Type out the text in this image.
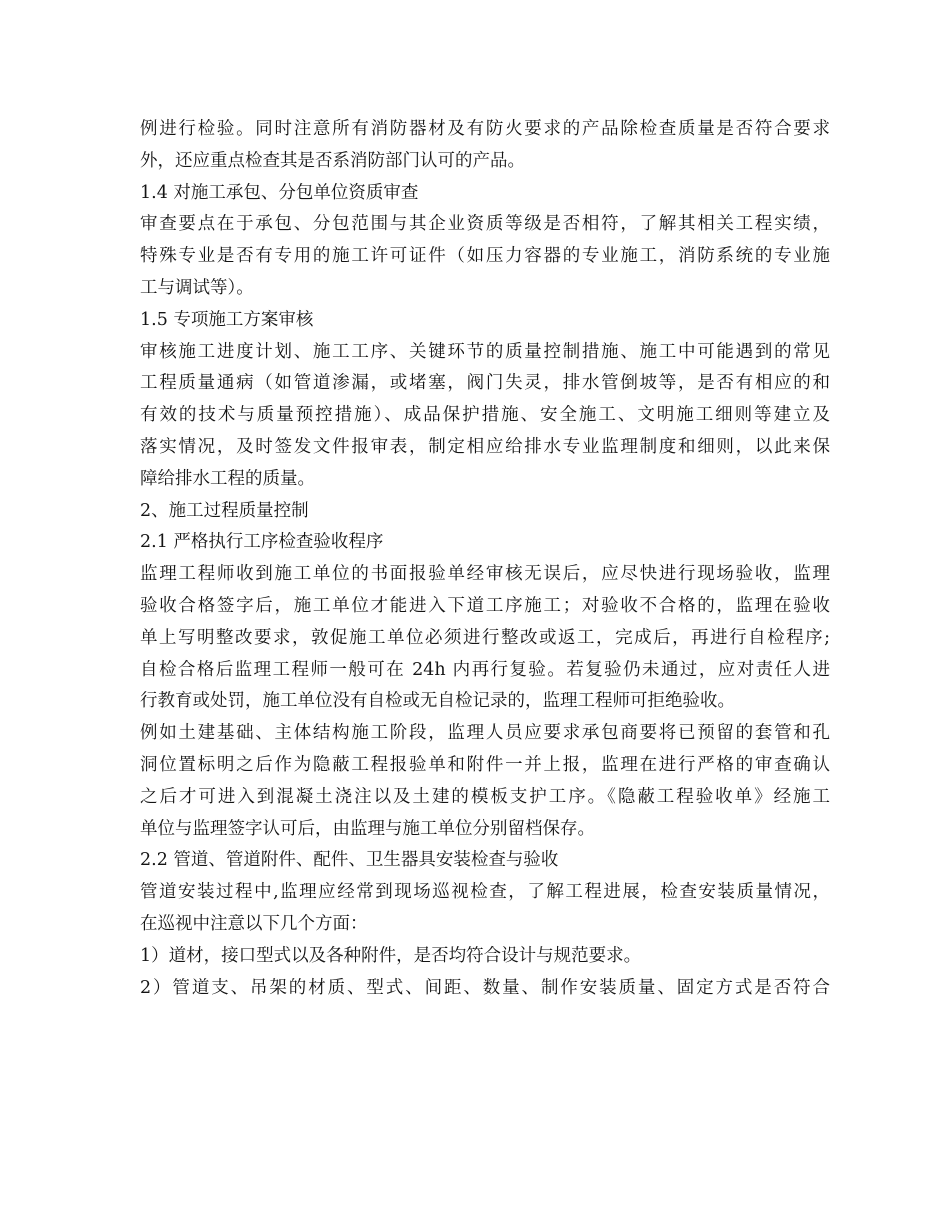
例进行检验。同时注意所有消防器材及有防火要求的产品除检查质量是否符合要求
外，还应重点检查其是否系消防部门认可的产品。
1.4 对施工承包、分包单位资质审查
审查要点在于承包、分包范围与其企业资质等级是否相符，了解其相关工程实绩，
特殊专业是否有专用的施工许可证件（如压力容器的专业施工，消防系统的专业施
工与调试等）。
1.5 专项施工方案审核
审核施工进度计划、施工工序、关键环节的质量控制措施、施工中可能遇到的常见
工程质量通病（如管道渗漏，或堵塞，阀门失灵，排水管倒坡等，是否有相应的和
有效的技术与质量预控措施）、成品保护措施、安全施工、文明施工细则等建立及
落实情况，及时签发文件报审表，制定相应给排水专业监理制度和细则，以此来保
障给排水工程的质量。
2、施工过程质量控制
2.1 严格执行工序检查验收程序
监理工程师收到施工单位的书面报验单经审核无误后，应尽快进行现场验收，监理
验收合格签字后，施工单位才能进入下道工序施工；对验收不合格的，监理在验收
单上写明整改要求，敦促施工单位必须进行整改或返工，完成后，再进行自检程序;
自检合格后监理工程师一般可在 24h 内再行复验。若复验仍未通过，应对责任人进
行教育或处罚，施工单位没有自检或无自检记录的，监理工程师可拒绝验收。
例如土建基础、主体结构施工阶段，监理人员应要求承包商要将已预留的套管和孔
洞位置标明之后作为隐蔽工程报验单和附件一并上报，监理在进行严格的审查确认
之后才可进入到混凝土浇注以及土建的模板支护工序。《隐蔽工程验收单》经施工
单位与监理签字认可后，由监理与施工单位分别留档保存。
2.2 管道、管道附件、配件、卫生器具安装检查与验收
管道安装过程中,监理应经常到现场巡视检查，了解工程进展，检查安装质量情况，
在巡视中注意以下几个方面：
1）道材，接口型式以及各种附件，是否均符合设计与规范要求。
2）管道支、吊架的材质、型式、间距、数量、制作安装质量、固定方式是否符合
